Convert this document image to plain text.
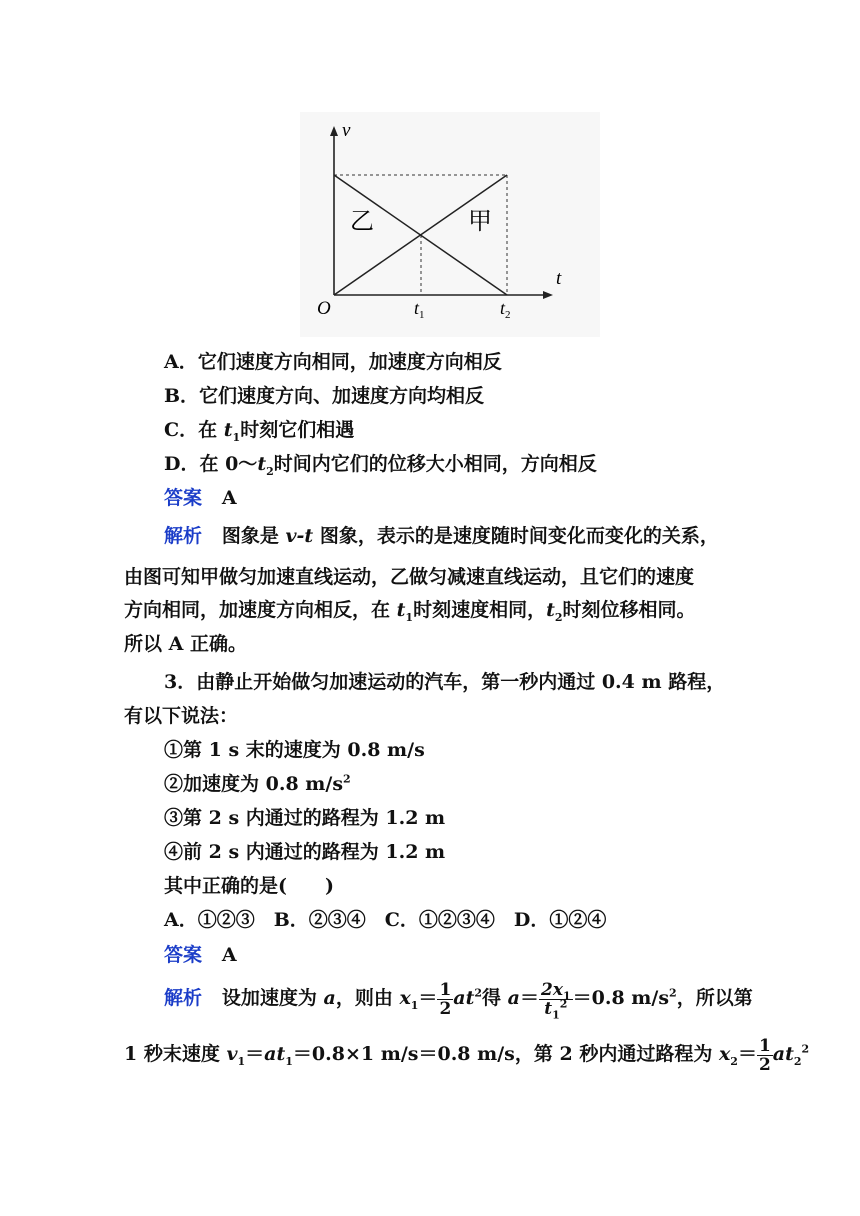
v
t
O	$t_1$	$t_2$
乙	甲
A．它们速度方向相同，加速度方向相反
B．它们速度方向、加速度方向均相反
C．在 $t_1$时刻它们相遇
D．在 $0\sim t_2$时间内它们的位移大小相同，方向相反
答案 A
解析 图象是 v-t 图象，表示的是速度随时间变化而变化的关系，
由图可知甲做匀加速直线运动，乙做匀减速直线运动，且它们的速度
方向相同，加速度方向相反，在 $t_1$时刻速度相同，$t_2$时刻位移相同。
所以 A 正确。
3．由静止开始做匀加速运动的汽车，第一秒内通过 0.4 m 路程，
有以下说法：
①第 1 s 末的速度为 0.8 m/s
②加速度为 0.8 $m/s^2$
③第 2 s 内通过的路程为 1.2 m
④前 2 s 内通过的路程为 1.2 m
其中正确的是(　　)
A．①②③　B．②③④　C．①②③④　D．①②④
答案 A
解析 设加速度为 a，则由 $x_1= \frac{1}{2} at^2$得 $a= \frac{2x_1}{t_1^2} =0.8$ $m/s^2$，所以第
1 秒末速度 $v_1=at_1=0.8\times 1$ m/s＝0.8 m/s，第 2 秒内通过路程为 $x_2= \frac{1}{2} at_2^2$
